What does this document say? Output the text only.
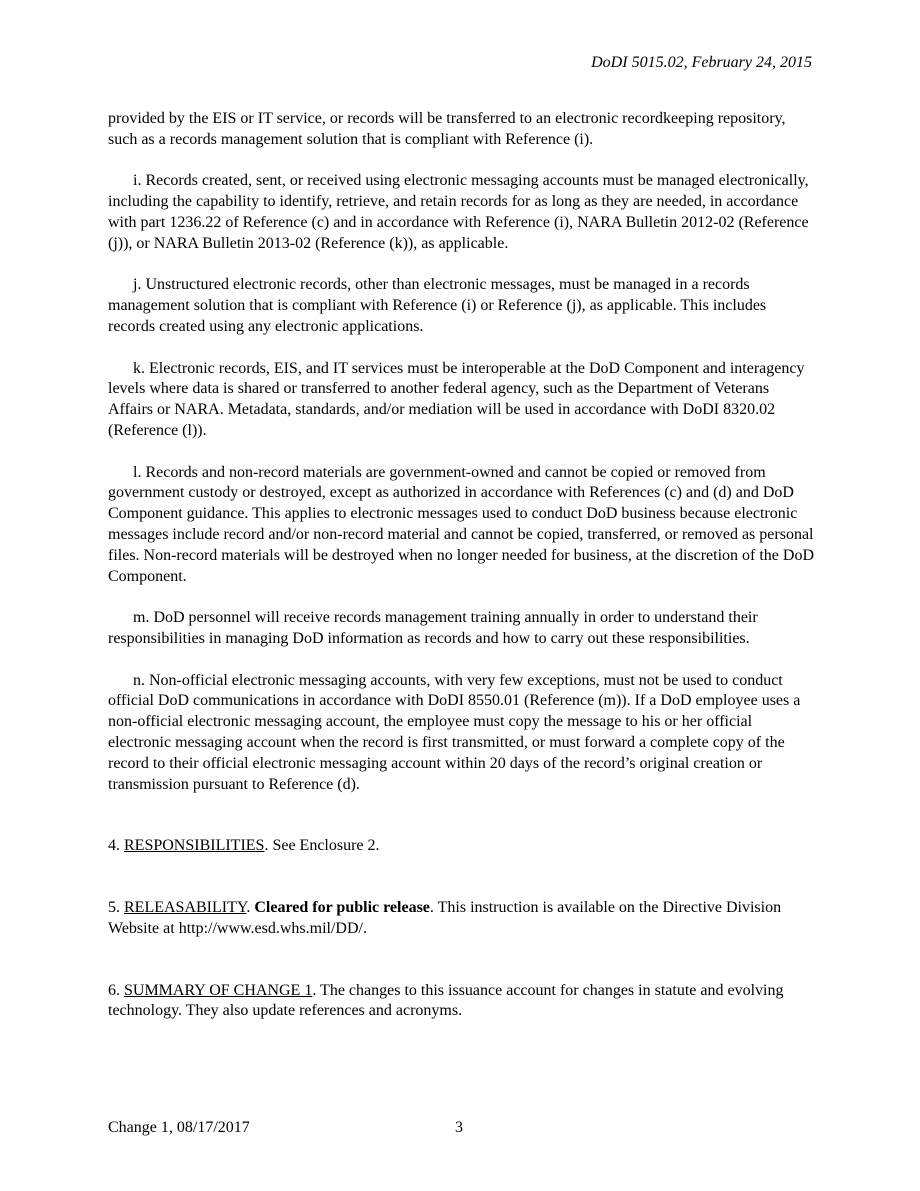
DoDI 5015.02, February 24, 2015

provided by the EIS or IT service, or records will be transferred to an electronic recordkeeping repository, such as a records management solution that is compliant with Reference (i).

i. Records created, sent, or received using electronic messaging accounts must be managed electronically, including the capability to identify, retrieve, and retain records for as long as they are needed, in accordance with part 1236.22 of Reference (c) and in accordance with Reference (i), NARA Bulletin 2012-02 (Reference (j)), or NARA Bulletin 2013-02 (Reference (k)), as applicable.

j. Unstructured electronic records, other than electronic messages, must be managed in a records management solution that is compliant with Reference (i) or Reference (j), as applicable. This includes records created using any electronic applications.

k. Electronic records, EIS, and IT services must be interoperable at the DoD Component and interagency levels where data is shared or transferred to another federal agency, such as the Department of Veterans Affairs or NARA. Metadata, standards, and/or mediation will be used in accordance with DoDI 8320.02 (Reference (l)).

l. Records and non-record materials are government-owned and cannot be copied or removed from government custody or destroyed, except as authorized in accordance with References (c) and (d) and DoD Component guidance. This applies to electronic messages used to conduct DoD business because electronic messages include record and/or non-record material and cannot be copied, transferred, or removed as personal files. Non-record materials will be destroyed when no longer needed for business, at the discretion of the DoD Component.

m. DoD personnel will receive records management training annually in order to understand their responsibilities in managing DoD information as records and how to carry out these responsibilities.

n. Non-official electronic messaging accounts, with very few exceptions, must not be used to conduct official DoD communications in accordance with DoDI 8550.01 (Reference (m)). If a DoD employee uses a non-official electronic messaging account, the employee must copy the message to his or her official electronic messaging account when the record is first transmitted, or must forward a complete copy of the record to their official electronic messaging account within 20 days of the record’s original creation or transmission pursuant to Reference (d).

4. RESPONSIBILITIES. See Enclosure 2.

5. RELEASABILITY. Cleared for public release. This instruction is available on the Directive Division Website at http://www.esd.whs.mil/DD/.

6. SUMMARY OF CHANGE 1. The changes to this issuance account for changes in statute and evolving technology. They also update references and acronyms.

Change 1, 08/17/2017	3
